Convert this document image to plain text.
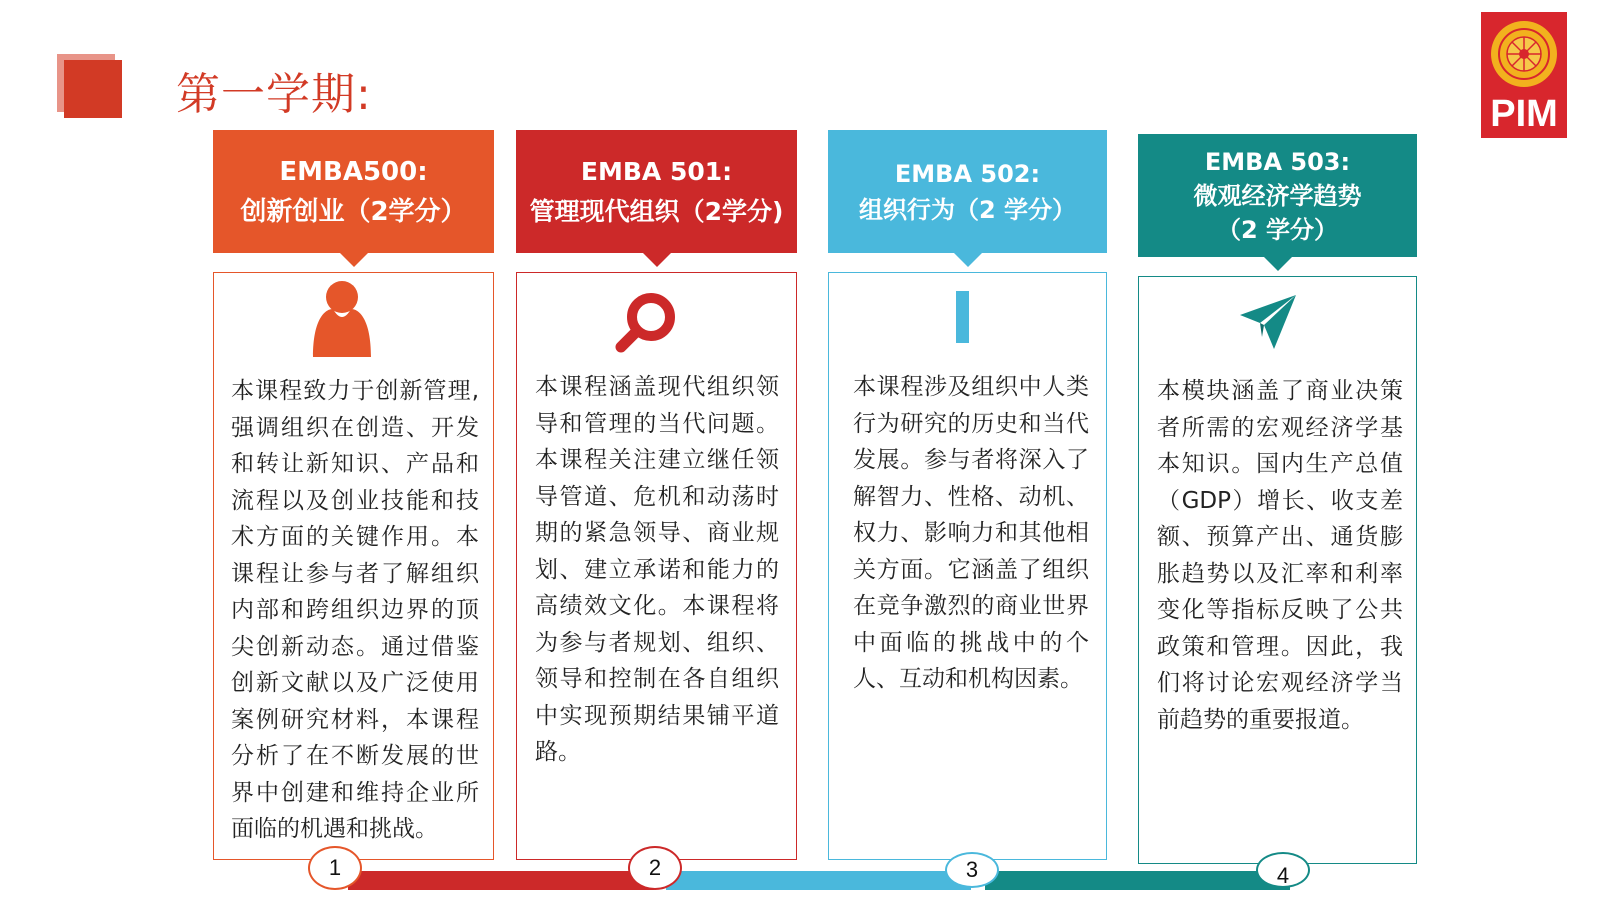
第一学期:	PIM
EMBA500:
创新创业（2学分）
EMBA 501:
管理现代组织（2学分)
EMBA 502:
组织行为（2 学分）
EMBA 503:
微观经济学趋势
（2 学分）
本课程致力于创新管理,强调组织在创造、开发和转让新知识、产品和流程以及创业技能和技术方面的关键作用。本课程让参与者了解组织内部和跨组织边界的顶尖创新动态。通过借鉴创新文献以及广泛使用案例研究材料，本课程分析了在不断发展的世界中创建和维持企业所面临的机遇和挑战。
本课程涵盖现代组织领导和管理的当代问题。本课程关注建立继任领导管道、危机和动荡时期的紧急领导、商业规划、建立承诺和能力的高绩效文化。本课程将为参与者规划、组织、领导和控制在各自组织中实现预期结果铺平道路。
本课程涉及组织中人类行为研究的历史和当代发展。参与者将深入了解智力、性格、动机、权力、影响力和其他相关方面。它涵盖了组织在竞争激烈的商业世界中面临的挑战中的个人、互动和机构因素。
本模块涵盖了商业决策者所需的宏观经济学基本知识。国内生产总值（GDP）增长、收支差额、预算产出、通货膨胀趋势以及汇率和利率变化等指标反映了公共政策和管理。因此，我们将讨论宏观经济学当前趋势的重要报道。
1	2	3	4
